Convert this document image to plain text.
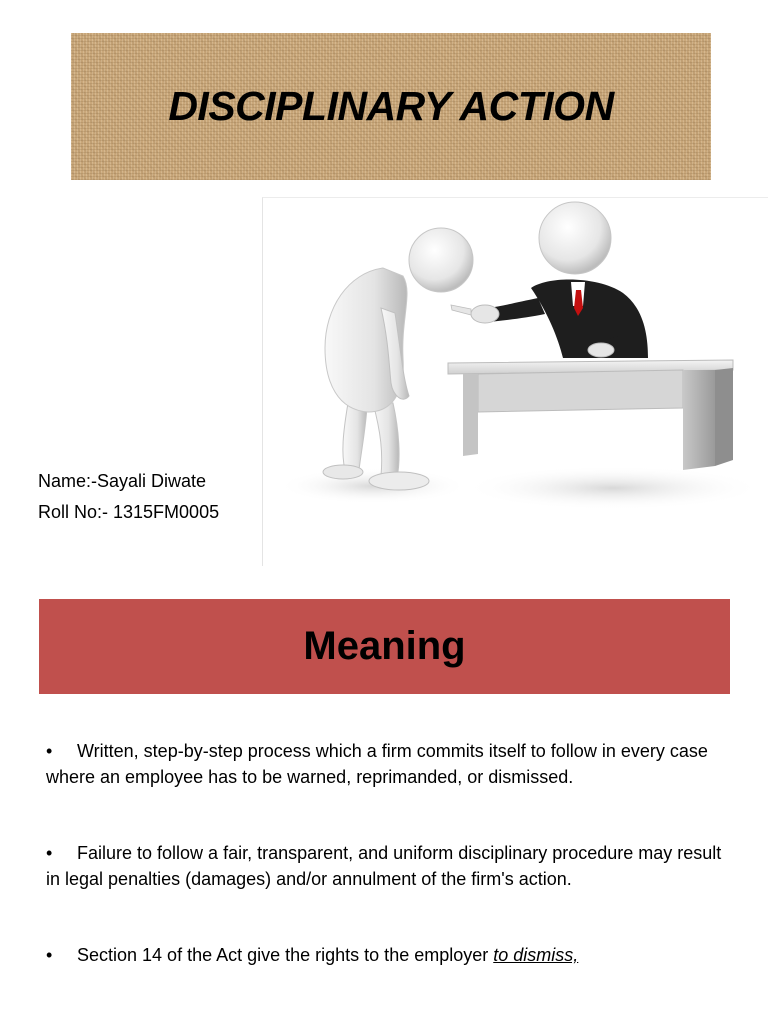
DISCIPLINARY ACTION
Name:-Sayali Diwate
Roll No:- 1315FM0005
Meaning

• Written, step-by-step process which a firm commits itself to follow in every case where an employee has to be warned, reprimanded, or dismissed.

• Failure to follow a fair, transparent, and uniform disciplinary procedure may result in legal penalties (damages) and/or annulment of the firm's action.

• Section 14 of the Act give the rights to the employer to dismiss,
